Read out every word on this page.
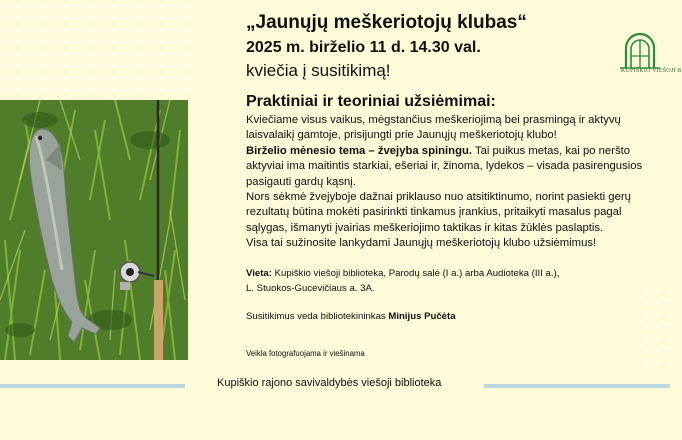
KUPIŠKIO VIEŠOJI B
„Jaunųjų meškeriotojų klubas“
2025 m. birželio 11 d. 14.30 val.
kviečia į susitikimą!
Praktiniai ir teoriniai užsiėmimai:

Kviečiame visus vaikus, mėgstančius meškeriojimą bei prasmingą ir aktyvų laisvalaikį gamtoje, prisijungti prie Jaunųjų meškeriotojų klubo!

Birželio mėnesio tema – žvejyba spiningu. Tai puikus metas, kai po neršto aktyviai ima maitintis starkiai, ešeriai ir, žinoma, lydekos – visada pasirengusios pasigauti gardų kąsnį.

Nors sėkmė žvejyboje dažnai priklauso nuo atsitiktinumo, norint pasiekti gerų rezultatų būtina mokėti pasirinkti tinkamus įrankius, pritaikyti masalus pagal sąlygas, išmanyti įvairias meškeriojimo taktikas ir kitas žūklės paslaptis.

Visa tai sužinosite lankydami Jaunųjų meškeriotojų klubo užsiėmimus!

Vieta: Kupiškio viešoji biblioteka, Parodų salė (I a.) arba Audioteka (III a.),
L. Stuokos-Gucevičiaus a. 3A.
Susitikimus veda bibliotekininkas Minijus Pučėta
Veikla fotografuojama ir viešinama
Kupiškio rajono savivaldybės viešoji biblioteka
